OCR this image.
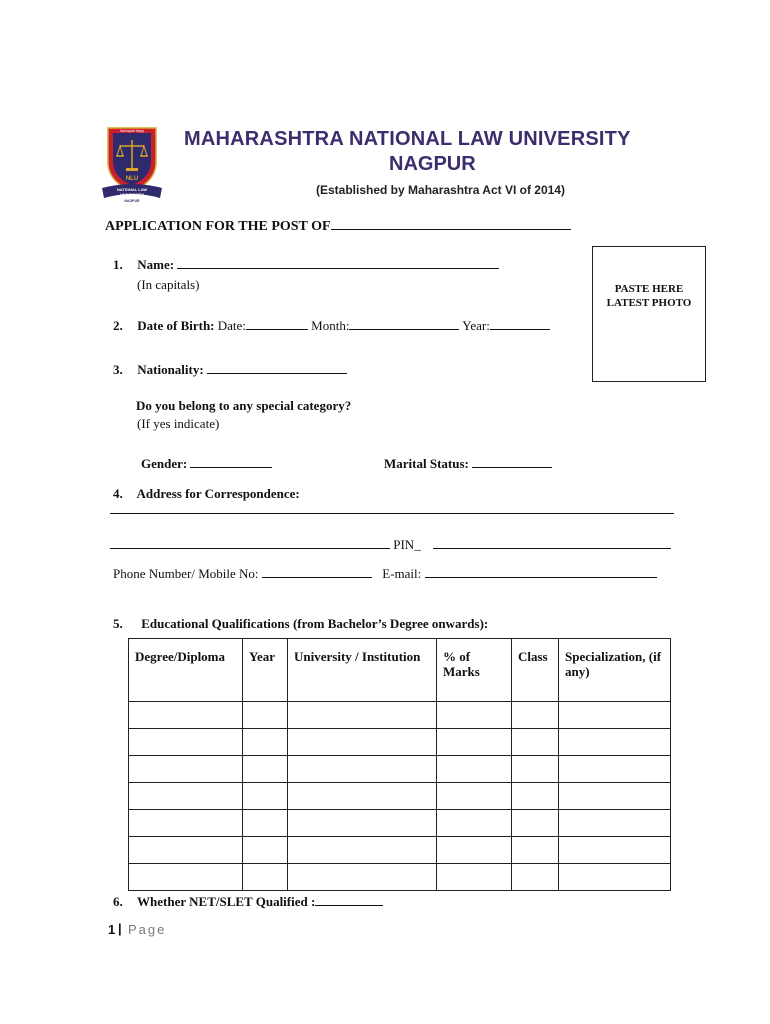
NLU
Sarvopari Nyay
NATIONAL LAW
UNIVERSITY
NAGPUR
MAHARASHTRA NATIONAL LAW UNIVERSITY
NAGPUR
(Established by Maharashtra Act VI of 2014)
APPLICATION FOR THE POST OF
PASTE HERE
LATEST PHOTO
1. Name:
(In capitals)
2. Date of Birth: Date:	Month:	Year:
3. Nationality:
Do you belong to any special category?
(If yes indicate)
Gender:	Marital Status:
4. Address for Correspondence:
PIN_
Phone Number/ Mobile No:	E-mail:
5. Educational Qualifications (from Bachelor’s Degree onwards):
Degree/Diploma	Year	University / Institution	% of Marks	Class	Specialization, (if any)

6. Whether NET/SLET Qualified :
1 | Page
